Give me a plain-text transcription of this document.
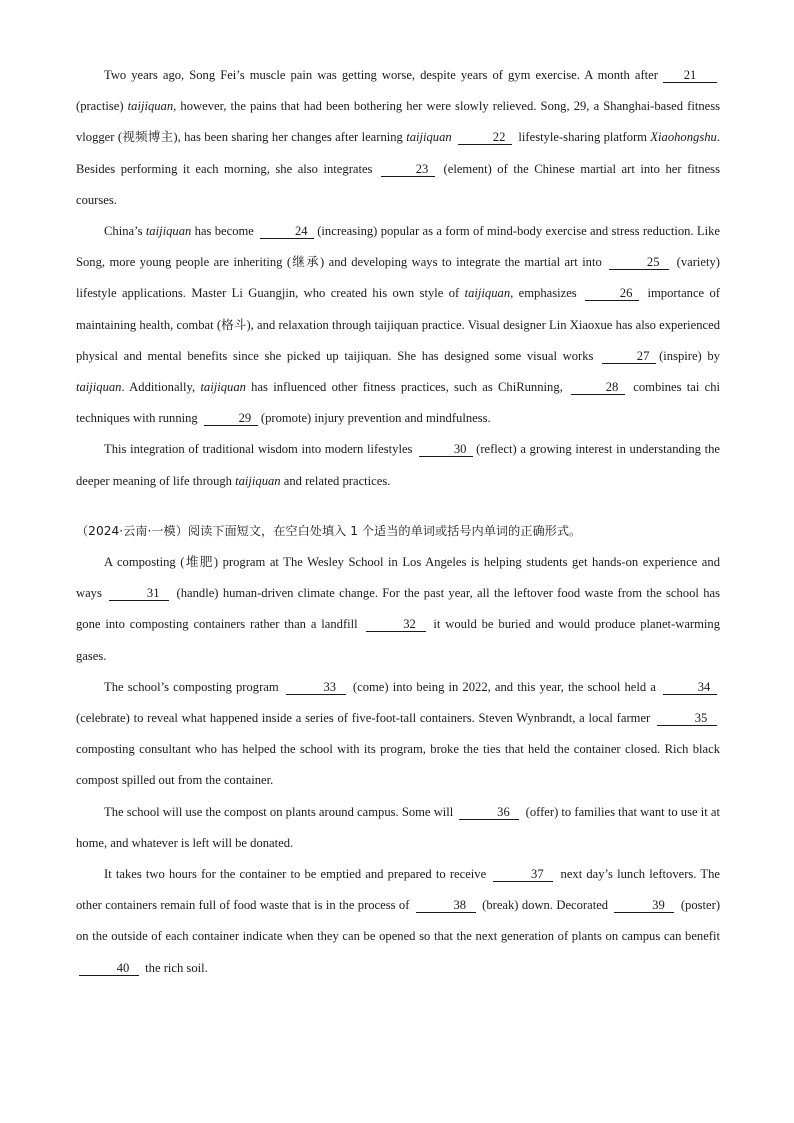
Two years ago, Song Fei’s muscle pain was getting worse, despite years of gym exercise. A month after 21(practise) taijiquan, however, the pains that had been bothering her were slowly relieved. Song, 29, a Shanghai-based fitness vlogger (视频博主), has been sharing her changes after learning taijiquan	22 lifestyle-sharing platform Xiaohongshu. Besides performing it each morning, she also integrates	23 (element) of the Chinese martial art into her fitness courses.

China’s taijiquan has become	24 (increasing) popular as a form of mind-body exercise and stress reduction. Like Song, more young people are inheriting (继承) and developing ways to integrate the martial art into	25 (variety) lifestyle applications. Master Li Guangjin, who created his own style of taijiquan, emphasizes	26 importance of maintaining health, combat (格斗), and relaxation through taijiquan practice. Visual designer Lin Xiaoxue has also experienced physical and mental benefits since she picked up taijiquan. She has designed some visual works	27 (inspire) by taijiquan. Additionally, taijiquan has influenced other fitness practices, such as ChiRunning,	28 combines tai chi techniques with running	29 (promote) injury prevention and mindfulness.

This integration of traditional wisdom into modern lifestyles	30 (reflect) a growing interest in understanding the deeper meaning of life through taijiquan and related practices.

（2024·云南·一模）阅读下面短文，在空白处填入 1 个适当的单词或括号内单词的正确形式。

A composting (堆肥) program at The Wesley School in Los Angeles is helping students get hands-on experience and ways	31 (handle) human-driven climate change. For the past year, all the leftover food waste from the school has gone into composting containers rather than a landfill	32 it would be buried and would produce planet-warming gases.

The school’s composting program	33 (come) into being in 2022, and this year, the school held a	34 (celebrate) to reveal what happened inside a series of five-foot-tall containers. Steven Wynbrandt, a local farmer	35 composting consultant who has helped the school with its program, broke the ties that held the container closed. Rich black compost spilled out from the container.

The school will use the compost on plants around campus. Some will	36 (offer) to families that want to use it at home, and whatever is left will be donated.

It takes two hours for the container to be emptied and prepared to receive	37 next day’s lunch leftovers. The other containers remain full of food waste that is in the process of	38 (break) down. Decorated	39 (poster) on the outside of each container indicate when they can be opened so that the next generation of plants on campus can benefit 40 the rich soil.
